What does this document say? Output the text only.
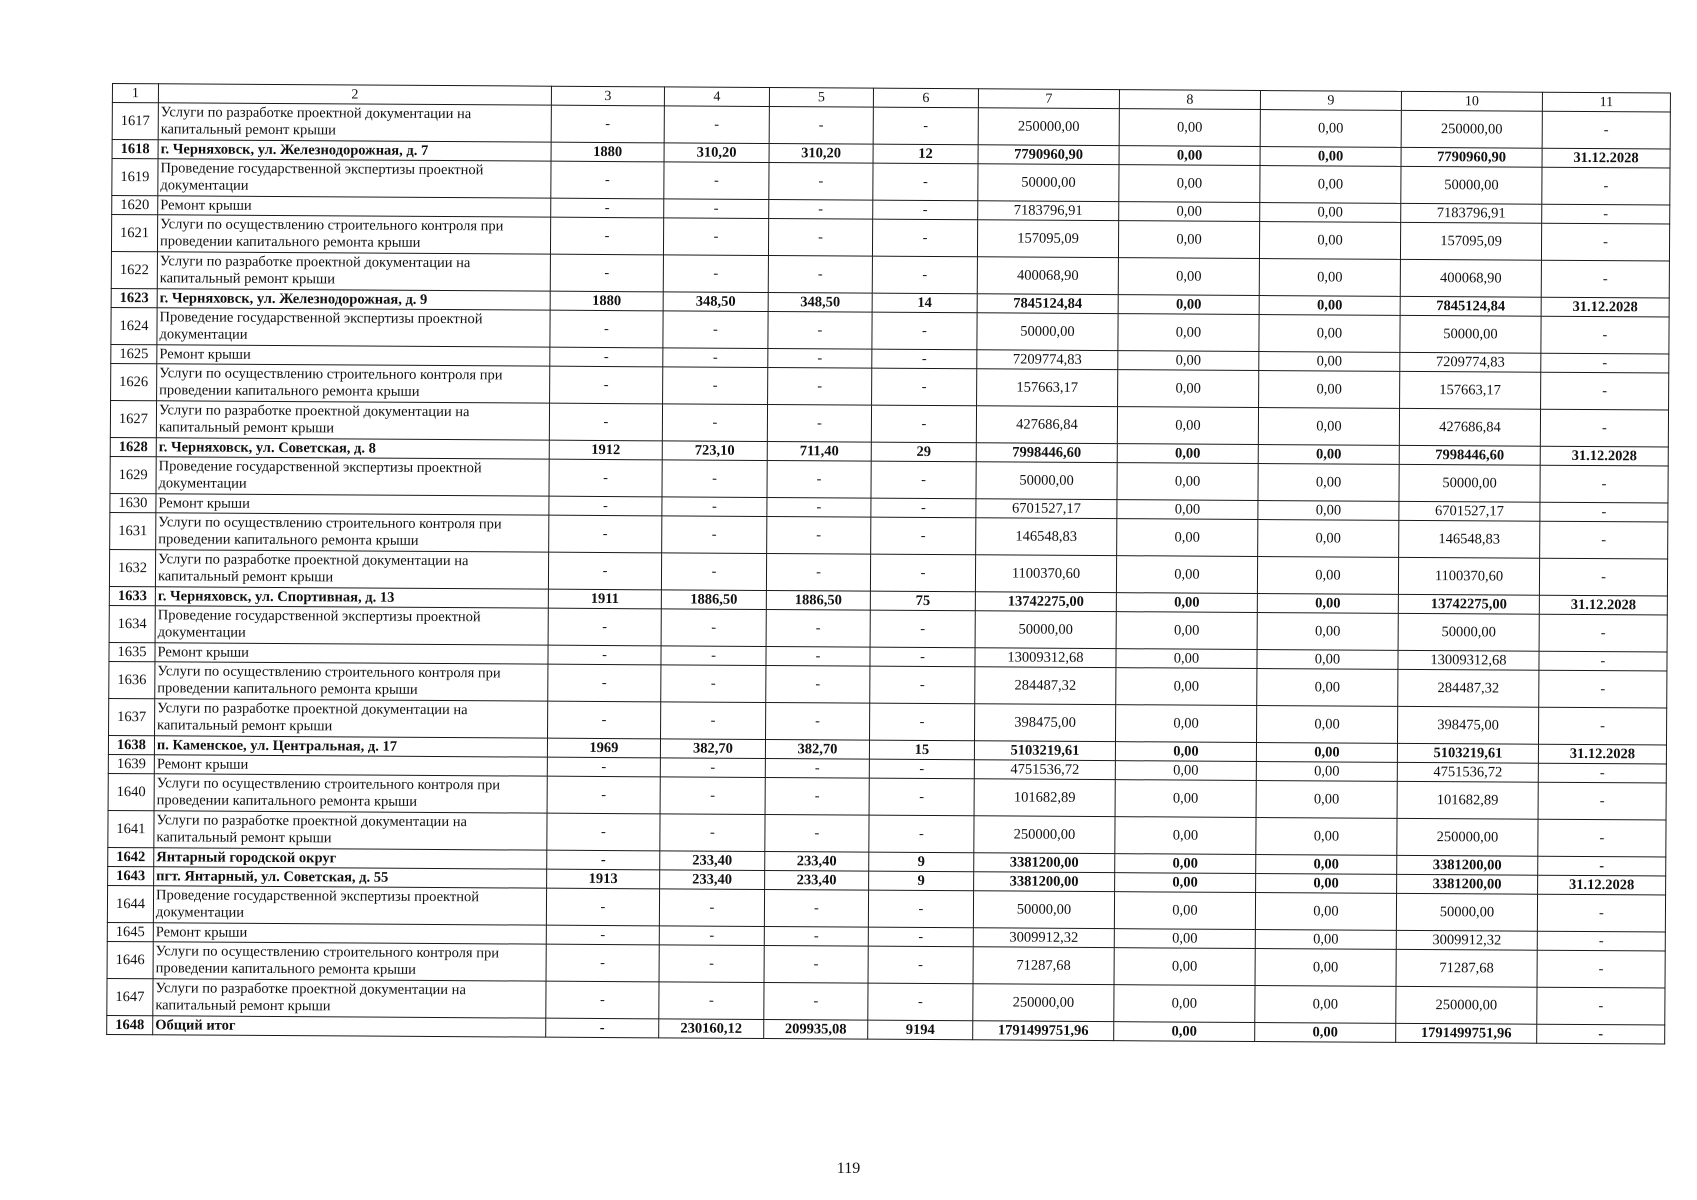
1	2	3	4	5	6	7	8	9	10	11
1617	Услуги по разработке проектной документации на капитальный ремонт крыши	-	-	-	-	250000,00	0,00	0,00	250000,00	-
1618	г. Черняховск, ул. Железнодорожная, д. 7	1880	310,20	310,20	12	7790960,90	0,00	0,00	7790960,90	31.12.2028
1619	Проведение государственной экспертизы проектной документации	-	-	-	-	50000,00	0,00	0,00	50000,00	-
1620	Ремонт крыши	-	-	-	-	7183796,91	0,00	0,00	7183796,91	-
1621	Услуги по осуществлению строительного контроля при проведении капитального ремонта крыши	-	-	-	-	157095,09	0,00	0,00	157095,09	-
1622	Услуги по разработке проектной документации на капитальный ремонт крыши	-	-	-	-	400068,90	0,00	0,00	400068,90	-
1623	г. Черняховск, ул. Железнодорожная, д. 9	1880	348,50	348,50	14	7845124,84	0,00	0,00	7845124,84	31.12.2028
1624	Проведение государственной экспертизы проектной документации	-	-	-	-	50000,00	0,00	0,00	50000,00	-
1625	Ремонт крыши	-	-	-	-	7209774,83	0,00	0,00	7209774,83	-
1626	Услуги по осуществлению строительного контроля при проведении капитального ремонта крыши	-	-	-	-	157663,17	0,00	0,00	157663,17	-
1627	Услуги по разработке проектной документации на капитальный ремонт крыши	-	-	-	-	427686,84	0,00	0,00	427686,84	-
1628	г. Черняховск, ул. Советская, д. 8	1912	723,10	711,40	29	7998446,60	0,00	0,00	7998446,60	31.12.2028
1629	Проведение государственной экспертизы проектной документации	-	-	-	-	50000,00	0,00	0,00	50000,00	-
1630	Ремонт крыши	-	-	-	-	6701527,17	0,00	0,00	6701527,17	-
1631	Услуги по осуществлению строительного контроля при проведении капитального ремонта крыши	-	-	-	-	146548,83	0,00	0,00	146548,83	-
1632	Услуги по разработке проектной документации на капитальный ремонт крыши	-	-	-	-	1100370,60	0,00	0,00	1100370,60	-
1633	г. Черняховск, ул. Спортивная, д. 13	1911	1886,50	1886,50	75	13742275,00	0,00	0,00	13742275,00	31.12.2028
1634	Проведение государственной экспертизы проектной документации	-	-	-	-	50000,00	0,00	0,00	50000,00	-
1635	Ремонт крыши	-	-	-	-	13009312,68	0,00	0,00	13009312,68	-
1636	Услуги по осуществлению строительного контроля при проведении капитального ремонта крыши	-	-	-	-	284487,32	0,00	0,00	284487,32	-
1637	Услуги по разработке проектной документации на капитальный ремонт крыши	-	-	-	-	398475,00	0,00	0,00	398475,00	-
1638	п. Каменское, ул. Центральная, д. 17	1969	382,70	382,70	15	5103219,61	0,00	0,00	5103219,61	31.12.2028
1639	Ремонт крыши	-	-	-	-	4751536,72	0,00	0,00	4751536,72	-
1640	Услуги по осуществлению строительного контроля при проведении капитального ремонта крыши	-	-	-	-	101682,89	0,00	0,00	101682,89	-
1641	Услуги по разработке проектной документации на капитальный ремонт крыши	-	-	-	-	250000,00	0,00	0,00	250000,00	-
1642	Янтарный городской округ	-	233,40	233,40	9	3381200,00	0,00	0,00	3381200,00	-
1643	пгт. Янтарный, ул. Советская, д. 55	1913	233,40	233,40	9	3381200,00	0,00	0,00	3381200,00	31.12.2028
1644	Проведение государственной экспертизы проектной документации	-	-	-	-	50000,00	0,00	0,00	50000,00	-
1645	Ремонт крыши	-	-	-	-	3009912,32	0,00	0,00	3009912,32	-
1646	Услуги по осуществлению строительного контроля при проведении капитального ремонта крыши	-	-	-	-	71287,68	0,00	0,00	71287,68	-
1647	Услуги по разработке проектной документации на капитальный ремонт крыши	-	-	-	-	250000,00	0,00	0,00	250000,00	-
1648	Общий итог	-	230160,12	209935,08	9194	1791499751,96	0,00	0,00	1791499751,96	-
119
